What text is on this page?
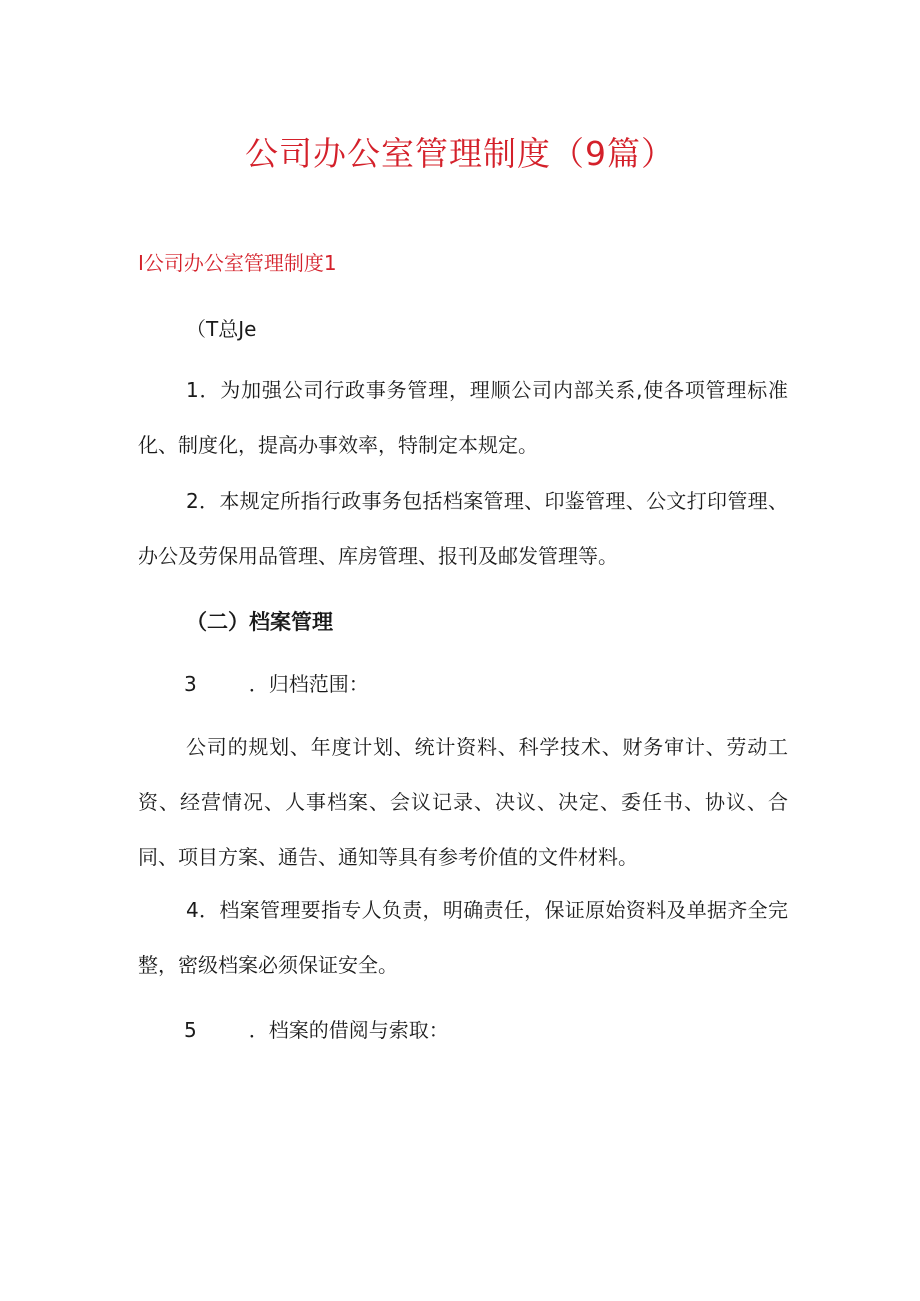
公司办公室管理制度（9篇）
I公司办公室管理制度1
（T总Je

1．为加强公司行政事务管理，理顺公司内部关系,使各项管理标准化、制度化，提高办事效率，特制定本规定。

2．本规定所指行政事务包括档案管理、印鉴管理、公文打印管理、办公及劳保用品管理、库房管理、报刊及邮发管理等。

（二）档案管理
3	．归档范围：

公司的规划、年度计划、统计资料、科学技术、财务审计、劳动工资、经营情况、人事档案、会议记录、决议、决定、委任书、协议、合同、项目方案、通告、通知等具有参考价值的文件材料。

4．档案管理要指专人负责，明确责任，保证原始资料及单据齐全完整，密级档案必须保证安全。

5	．档案的借阅与索取：
